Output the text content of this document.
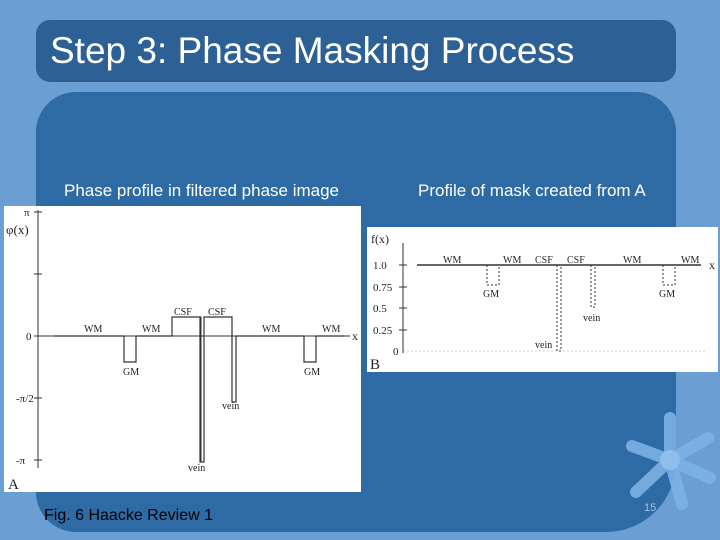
Step 3: Phase Masking Process
Phase profile in filtered phase image	Profile of mask created from A
π
-π/2
0
-π
φ(x)
x
WM	WM
GM
CSF CSF
WM	WM
GM
vein
vein
A
f(x)
1.0
0.75
0.5
0.25
0
x
WM	WM CSF CSF	WM	WM
GM	GM
vein
vein
B
Fig. 6 Haacke Review 1	15
